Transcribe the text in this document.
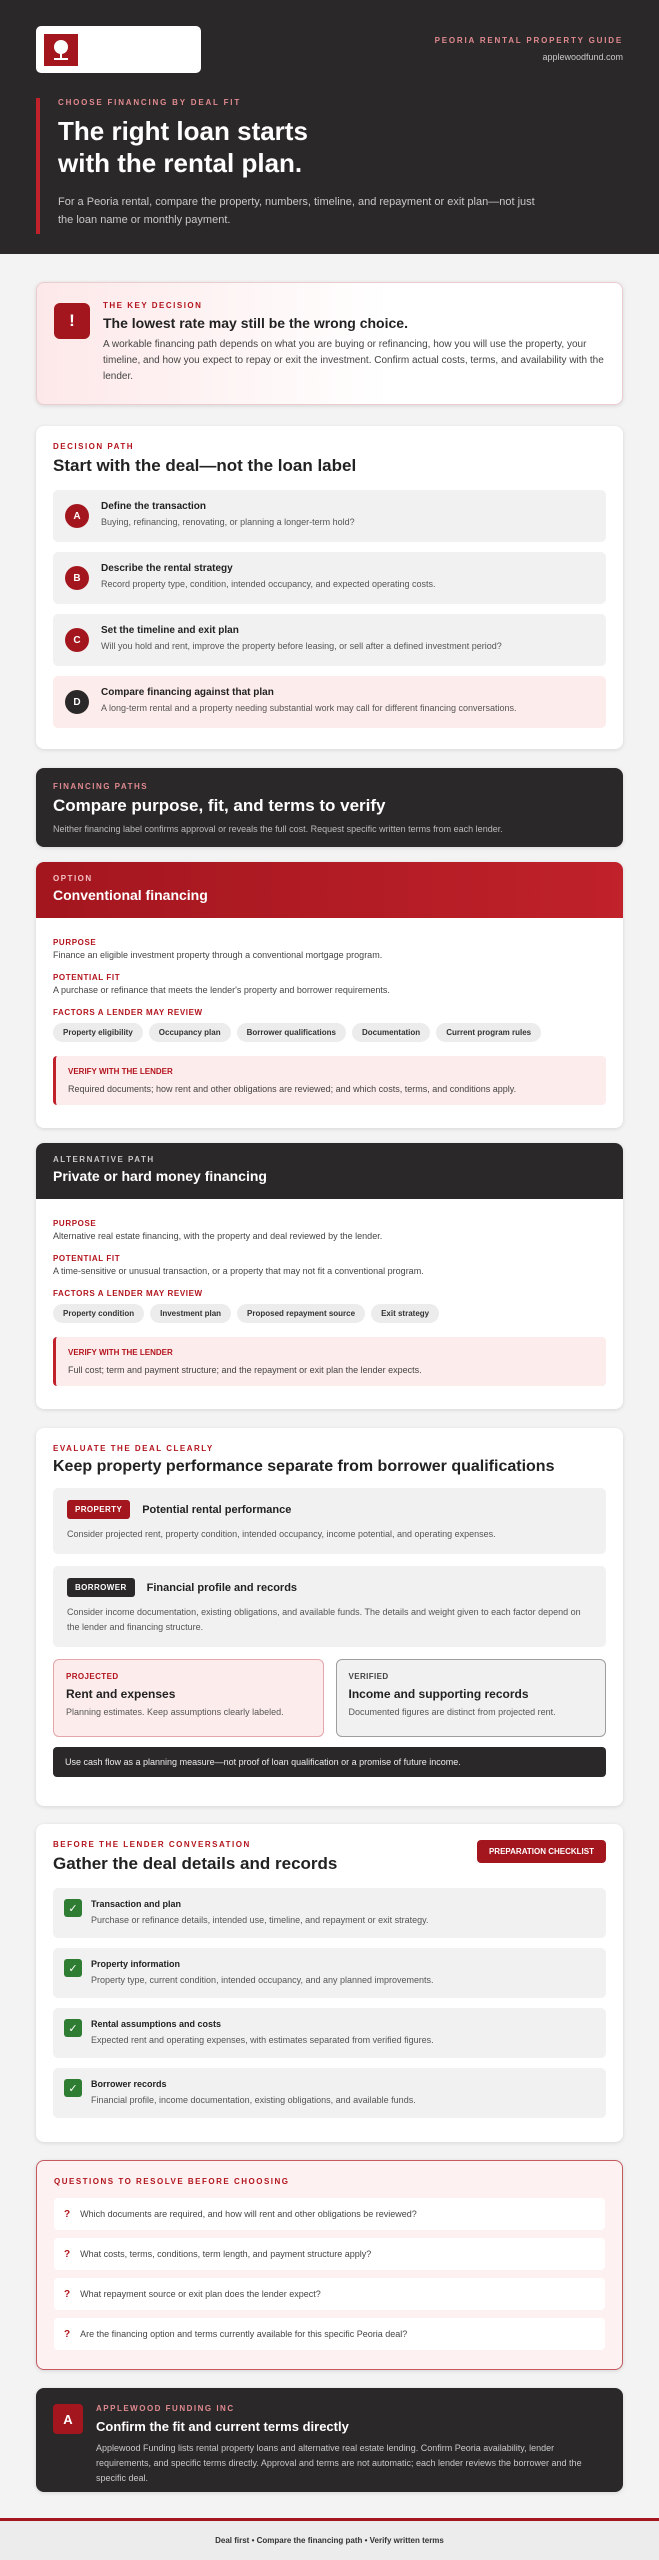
PEORIA RENTAL PROPERTY GUIDE
applewoodfund.com
CHOOSE FINANCING BY DEAL FIT
The right loan starts with the rental plan.

For a Peoria rental, compare the property, numbers, timeline, and repayment or exit plan—not just the loan name or monthly payment.

!
THE KEY DECISION
The lowest rate may still be the wrong choice.

A workable financing path depends on what you are buying or refinancing, how you will use the property, your timeline, and how you expect to repay or exit the investment. Confirm actual costs, terms, and availability with the lender.

DECISION PATH
Start with the deal—not the loan label
A
Define the transaction
Buying, refinancing, renovating, or planning a longer-term hold?
B
Describe the rental strategy
Record property type, condition, intended occupancy, and expected operating costs.
C
Set the timeline and exit plan
Will you hold and rent, improve the property before leasing, or sell after a defined investment period?
D
Compare financing against that plan
A long-term rental and a property needing substantial work may call for different financing conversations.
FINANCING PATHS
Compare purpose, fit, and terms to verify
Neither financing label confirms approval or reveals the full cost. Request specific written terms from each lender.
OPTION
Conventional financing
PURPOSE
Finance an eligible investment property through a conventional mortgage program.
POTENTIAL FIT
A purchase or refinance that meets the lender's property and borrower requirements.
FACTORS A LENDER MAY REVIEW
Property eligibility	Occupancy plan	Borrower qualifications	Documentation	Current program rules
VERIFY WITH THE LENDER
Required documents; how rent and other obligations are reviewed; and which costs, terms, and conditions apply.
ALTERNATIVE PATH
Private or hard money financing
PURPOSE
Alternative real estate financing, with the property and deal reviewed by the lender.
POTENTIAL FIT
A time-sensitive or unusual transaction, or a property that may not fit a conventional program.
FACTORS A LENDER MAY REVIEW
Property condition	Investment plan	Proposed repayment source	Exit strategy
VERIFY WITH THE LENDER
Full cost; term and payment structure; and the repayment or exit plan the lender expects.
EVALUATE THE DEAL CLEARLY
Keep property performance separate from borrower qualifications
PROPERTY	Potential rental performance
Consider projected rent, property condition, intended occupancy, income potential, and operating expenses.
BORROWER	Financial profile and records
Consider income documentation, existing obligations, and available funds. The details and weight given to each factor depend on the lender and financing structure.
PROJECTED
Rent and expenses
Planning estimates. Keep assumptions clearly labeled.
VERIFIED
Income and supporting records
Documented figures are distinct from projected rent.
Use cash flow as a planning measure—not proof of loan qualification or a promise of future income.
BEFORE THE LENDER CONVERSATION
Gather the deal details and records
PREPARATION CHECKLIST
✓	Transaction and plan
Purchase or refinance details, intended use, timeline, and repayment or exit strategy.
✓	Property information
Property type, current condition, intended occupancy, and any planned improvements.
✓	Rental assumptions and costs
Expected rent and operating expenses, with estimates separated from verified figures.
✓	Borrower records
Financial profile, income documentation, existing obligations, and available funds.
QUESTIONS TO RESOLVE BEFORE CHOOSING
? Which documents are required, and how will rent and other obligations be reviewed?
? What costs, terms, conditions, term length, and payment structure apply?
? What repayment source or exit plan does the lender expect?
? Are the financing option and terms currently available for this specific Peoria deal?
A
APPLEWOOD FUNDING INC
Confirm the fit and current terms directly

Applewood Funding lists rental property loans and alternative real estate lending. Confirm Peoria availability, lender requirements, and specific terms directly. Approval and terms are not automatic; each lender reviews the borrower and the specific deal.

Deal first • Compare the financing path • Verify written terms
